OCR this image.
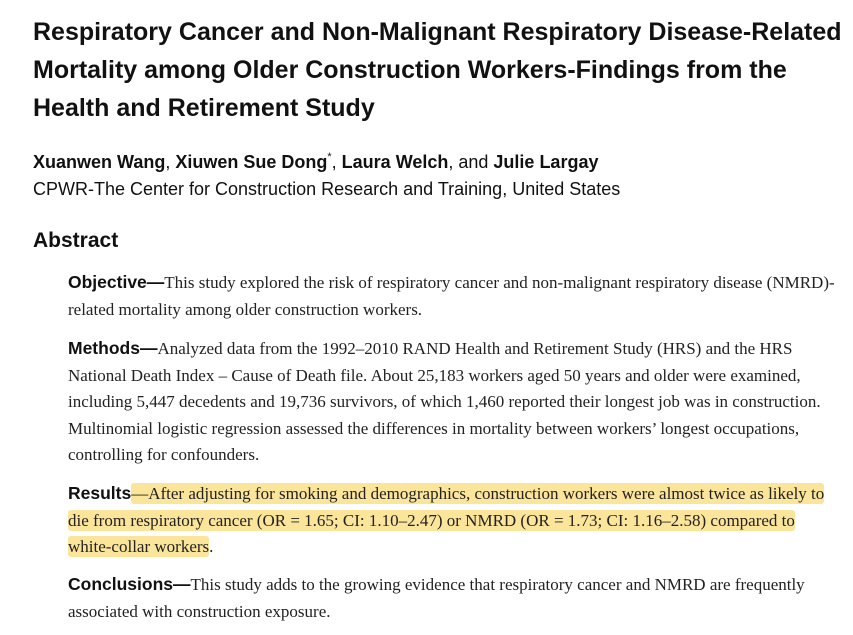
Respiratory Cancer and Non-Malignant Respiratory Disease-Related Mortality among Older Construction Workers-Findings from the Health and Retirement Study

Xuanwen Wang, Xiuwen Sue Dong*, Laura Welch, and Julie Largay

CPWR-The Center for Construction Research and Training, United States

Abstract

Objective—This study explored the risk of respiratory cancer and non-malignant respiratory disease (NMRD)-related mortality among older construction workers.

Methods—Analyzed data from the 1992–2010 RAND Health and Retirement Study (HRS) and the HRS National Death Index – Cause of Death file. About 25,183 workers aged 50 years and older were examined, including 5,447 decedents and 19,736 survivors, of which 1,460 reported their longest job was in construction. Multinomial logistic regression assessed the differences in mortality between workers’ longest occupations, controlling for confounders.

Results—After adjusting for smoking and demographics, construction workers were almost twice as likely to die from respiratory cancer (OR = 1.65; CI: 1.10–2.47) or NMRD (OR = 1.73; CI: 1.16–2.58) compared to white-collar workers.

Conclusions—This study adds to the growing evidence that respiratory cancer and NMRD are frequently associated with construction exposure.
